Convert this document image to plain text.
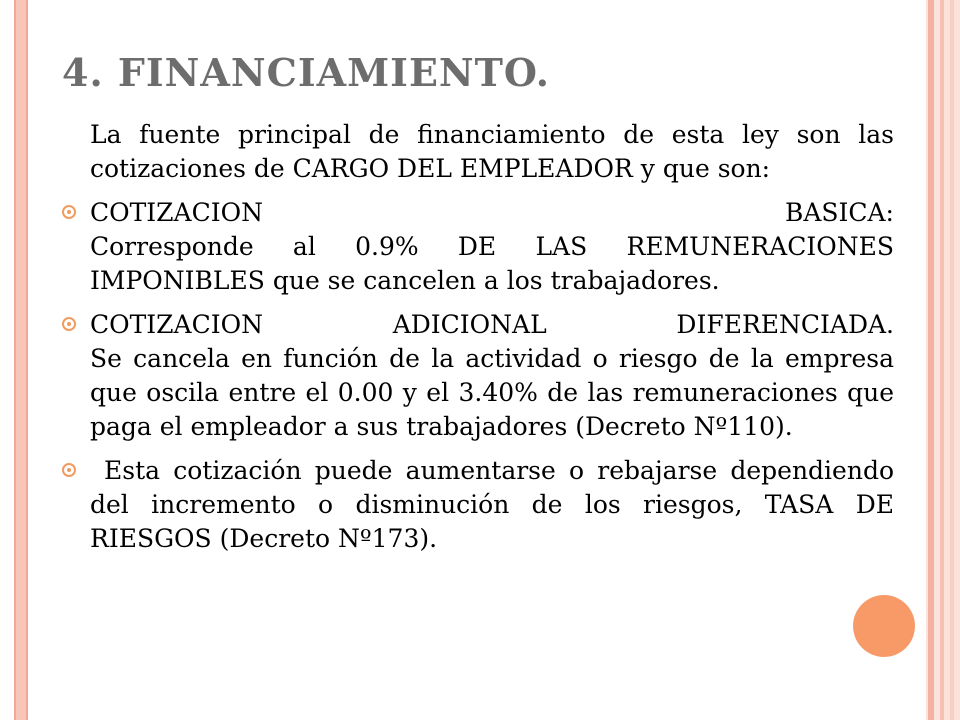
4. FINANCIAMIENTO.
La fuente principal de financiamiento de esta ley son las cotizaciones de CARGO DEL EMPLEADOR y que son:
COTIZACION BASICA:
Corresponde al 0.9% DE LAS REMUNERACIONES IMPONIBLES que se cancelen a los trabajadores.
COTIZACION ADICIONAL DIFERENCIADA.
Se cancela en función de la actividad o riesgo de la empresa que oscila entre el 0.00 y el 3.40% de las remuneraciones que paga el empleador a sus trabajadores (Decreto Nº110).
Esta cotización puede aumentarse o rebajarse dependiendo del incremento o disminución de los riesgos, TASA DE RIESGOS (Decreto Nº173).
